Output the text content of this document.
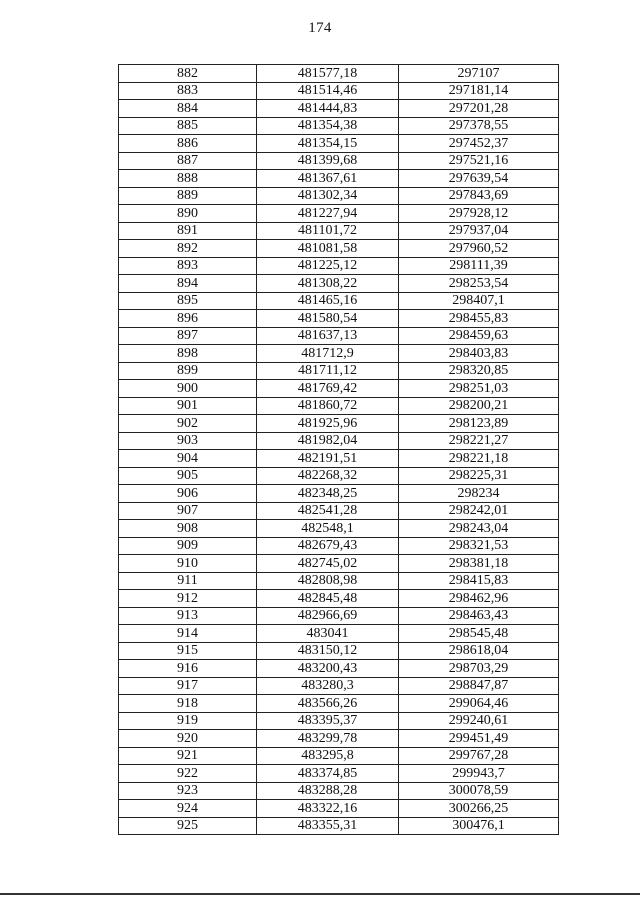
174
882	481577,18	297107
883	481514,46	297181,14
884	481444,83	297201,28
885	481354,38	297378,55
886	481354,15	297452,37
887	481399,68	297521,16
888	481367,61	297639,54
889	481302,34	297843,69
890	481227,94	297928,12
891	481101,72	297937,04
892	481081,58	297960,52
893	481225,12	298111,39
894	481308,22	298253,54
895	481465,16	298407,1
896	481580,54	298455,83
897	481637,13	298459,63
898	481712,9	298403,83
899	481711,12	298320,85
900	481769,42	298251,03
901	481860,72	298200,21
902	481925,96	298123,89
903	481982,04	298221,27
904	482191,51	298221,18
905	482268,32	298225,31
906	482348,25	298234
907	482541,28	298242,01
908	482548,1	298243,04
909	482679,43	298321,53
910	482745,02	298381,18
911	482808,98	298415,83
912	482845,48	298462,96
913	482966,69	298463,43
914	483041	298545,48
915	483150,12	298618,04
916	483200,43	298703,29
917	483280,3	298847,87
918	483566,26	299064,46
919	483395,37	299240,61
920	483299,78	299451,49
921	483295,8	299767,28
922	483374,85	299943,7
923	483288,28	300078,59
924	483322,16	300266,25
925	483355,31	300476,1
